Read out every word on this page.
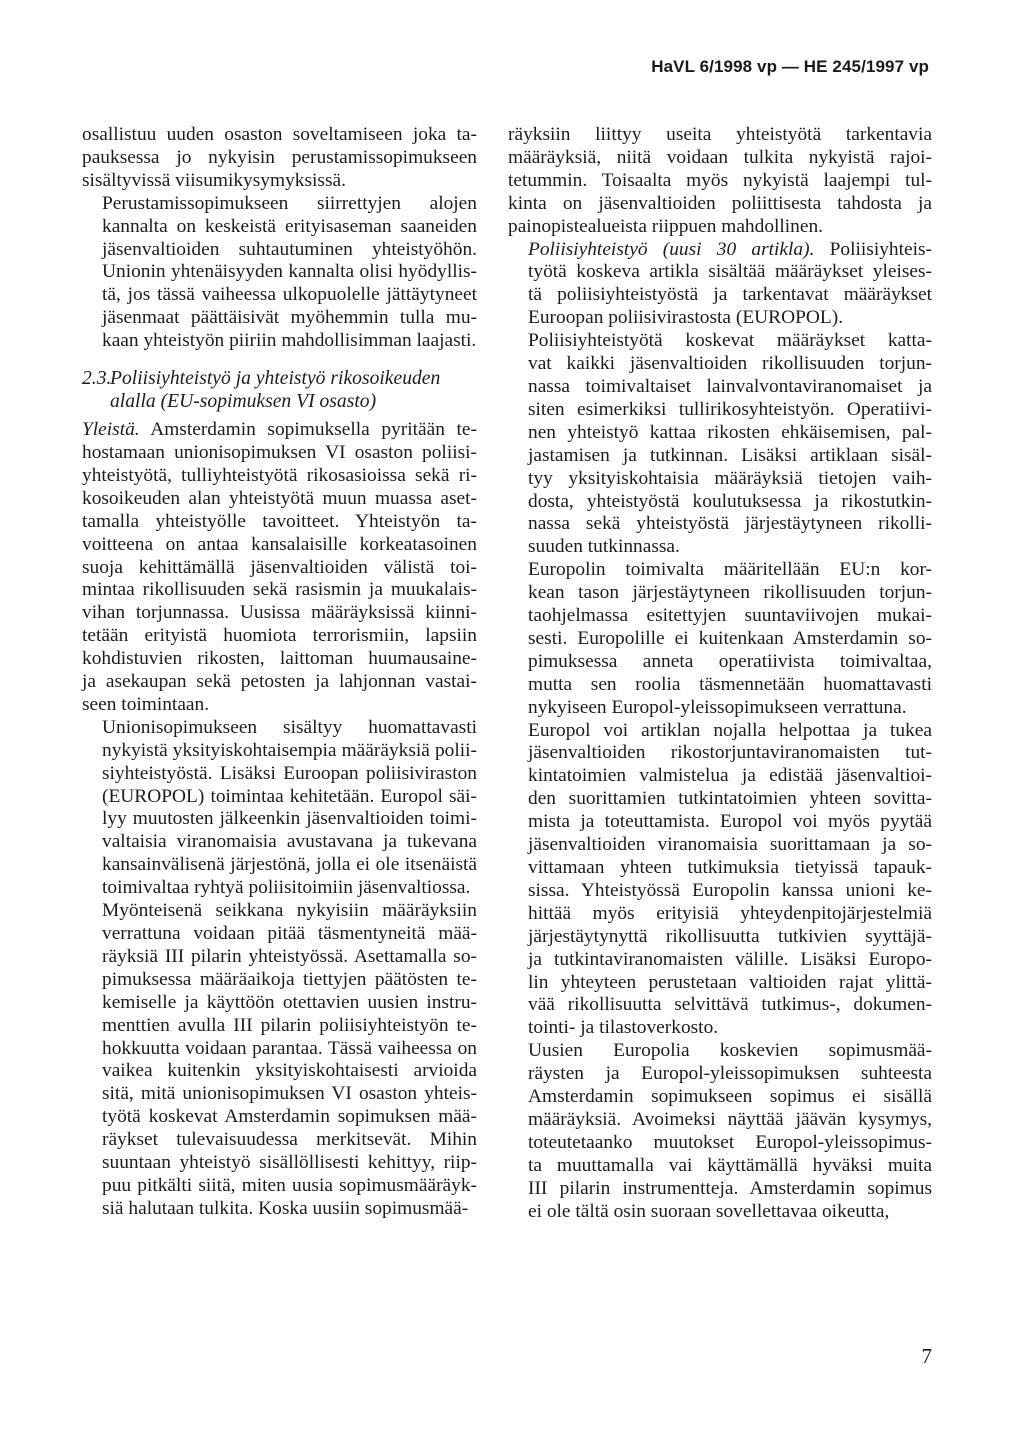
HaVL 6/1998 vp — HE 245/1997 vp

osallistuu uuden osaston soveltamiseen joka ta-
pauksessa jo nykyisin perustamissopimukseen
sisältyvissä viisumikysymyksissä.

Perustamissopimukseen siirrettyjen alojen
kannalta on keskeistä erityisaseman saaneiden
jäsenvaltioiden suhtautuminen yhteistyöhön.
Unionin yhtenäisyyden kannalta olisi hyödyllis-
tä, jos tässä vaiheessa ulkopuolelle jättäytyneet
jäsenmaat päättäisivät myöhemmin tulla mu-
kaan yhteistyön piiriin mahdollisimman laajasti.

2.3.Poliisiyhteistyö ja yhteistyö rikosoikeuden
alalla (EU-sopimuksen VI osasto)

Yleistä. Amsterdamin sopimuksella pyritään te-
hostamaan unionisopimuksen VI osaston poliisi-
yhteistyötä, tulliyhteistyötä rikosasioissa sekä ri-
kosoikeuden alan yhteistyötä muun muassa aset-
tamalla yhteistyölle tavoitteet. Yhteistyön ta-
voitteena on antaa kansalaisille korkeatasoinen
suoja kehittämällä jäsenvaltioiden välistä toi-
mintaa rikollisuuden sekä rasismin ja muukalais-
vihan torjunnassa. Uusissa määräyksissä kiinni-
tetään erityistä huomiota terrorismiin, lapsiin
kohdistuvien rikosten, laittoman huumausaine-
ja asekaupan sekä petosten ja lahjonnan vastai-
seen toimintaan.

Unionisopimukseen sisältyy huomattavasti
nykyistä yksityiskohtaisempia määräyksiä polii-
siyhteistyöstä. Lisäksi Euroopan poliisiviraston
(EUROPOL) toimintaa kehitetään. Europol säi-
lyy muutosten jälkeenkin jäsenvaltioiden toimi-
valtaisia viranomaisia avustavana ja tukevana
kansainvälisenä järjestönä, jolla ei ole itsenäistä
toimivaltaa ryhtyä poliisitoimiin jäsenvaltiossa.

Myönteisenä seikkana nykyisiin määräyksiin
verrattuna voidaan pitää täsmentyneitä mää-
räyksiä III pilarin yhteistyössä. Asettamalla so-
pimuksessa määräaikoja tiettyjen päätösten te-
kemiselle ja käyttöön otettavien uusien instru-
menttien avulla III pilarin poliisiyhteistyön te-
hokkuutta voidaan parantaa. Tässä vaiheessa on
vaikea kuitenkin yksityiskohtaisesti arvioida
sitä, mitä unionisopimuksen VI osaston yhteis-
työtä koskevat Amsterdamin sopimuksen mää-
räykset tulevaisuudessa merkitsevät. Mihin
suuntaan yhteistyö sisällöllisesti kehittyy, riip-
puu pitkälti siitä, miten uusia sopimusmääräyk-
siä halutaan tulkita. Koska uusiin sopimusmää-

räyksiin liittyy useita yhteistyötä tarkentavia
määräyksiä, niitä voidaan tulkita nykyistä rajoi-
tetummin. Toisaalta myös nykyistä laajempi tul-
kinta on jäsenvaltioiden poliittisesta tahdosta ja
painopistealueista riippuen mahdollinen.

Poliisiyhteistyö (uusi 30 artikla). Poliisiyhteis-
työtä koskeva artikla sisältää määräykset yleises-
tä poliisiyhteistyöstä ja tarkentavat määräykset
Euroopan poliisivirastosta (EUROPOL).

Poliisiyhteistyötä koskevat määräykset katta-
vat kaikki jäsenvaltioiden rikollisuuden torjun-
nassa toimivaltaiset lainvalvontaviranomaiset ja
siten esimerkiksi tullirikosyhteistyön. Operatiivi-
nen yhteistyö kattaa rikosten ehkäisemisen, pal-
jastamisen ja tutkinnan. Lisäksi artiklaan sisäl-
tyy yksityiskohtaisia määräyksiä tietojen vaih-
dosta, yhteistyöstä koulutuksessa ja rikostutkin-
nassa sekä yhteistyöstä järjestäytyneen rikolli-
suuden tutkinnassa.

Europolin toimivalta määritellään EU:n kor-
kean tason järjestäytyneen rikollisuuden torjun-
taohjelmassa esitettyjen suuntaviivojen mukai-
sesti. Europolille ei kuitenkaan Amsterdamin so-
pimuksessa anneta operatiivista toimivaltaa,
mutta sen roolia täsmennetään huomattavasti
nykyiseen Europol-yleissopimukseen verrattuna.

Europol voi artiklan nojalla helpottaa ja tukea
jäsenvaltioiden rikostorjuntaviranomaisten tut-
kintatoimien valmistelua ja edistää jäsenvaltioi-
den suorittamien tutkintatoimien yhteen sovitta-
mista ja toteuttamista. Europol voi myös pyytää
jäsenvaltioiden viranomaisia suorittamaan ja so-
vittamaan yhteen tutkimuksia tietyissä tapauk-
sissa. Yhteistyössä Europolin kanssa unioni ke-
hittää myös erityisiä yhteydenpitojärjestelmiä
järjestäytynyttä rikollisuutta tutkivien syyttäjä-
ja tutkintaviranomaisten välille. Lisäksi Europo-
lin yhteyteen perustetaan valtioiden rajat ylittä-
vää rikollisuutta selvittävä tutkimus-, dokumen-
tointi- ja tilastoverkosto.

Uusien Europolia koskevien sopimusmää-
räysten ja Europol-yleissopimuksen suhteesta
Amsterdamin sopimukseen sopimus ei sisällä
määräyksiä. Avoimeksi näyttää jäävän kysymys,
toteutetaanko muutokset Europol-yleissopimus-
ta muuttamalla vai käyttämällä hyväksi muita
III pilarin instrumentteja. Amsterdamin sopimus
ei ole tältä osin suoraan sovellettavaa oikeutta,

7
